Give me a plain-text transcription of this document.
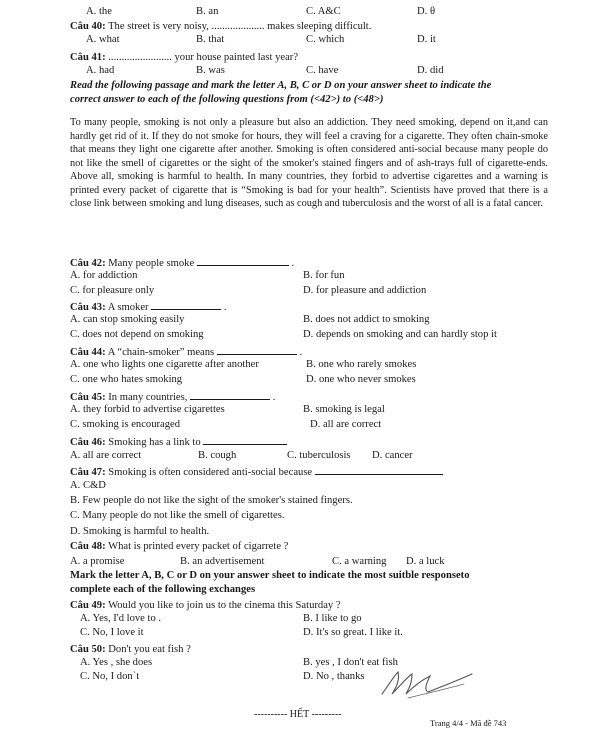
A. the	B. an	C. A&C	D. θ
Câu 40: The street is very noisy, .................... makes sleeping difficult.
A. what	B. that	C. which	D. it
Câu 41: ........................ your house painted last year?
A. had	B. was	C. have	D. did
Read the following passage and mark the letter A, B, C or D on your answer sheet to indicate the
correct answer to each of the following questions from (<42>) to (<48>)

To many people, smoking is not only a pleasure but also an addiction. They need smoking, depend on it,and can hardly get rid of it. If they do not smoke for hours, they will feel a craving for a cigarette. They often chain-smoke that means they light one cigarette after another. Smoking is often considered anti-social because many people do not like the smell of cigarettes or the sight of the smoker's stained fingers and of ash-trays full of cigarette-ends. Above all, smoking is harmful to health. In many countries, they forbid to advertise cigarettes and a warning is printed every packet of cigarette that is “Smoking is bad for your health”. Scientists have proved that there is a close link between smoking and lung diseases, such as cough and tuberculosis and the worst of all is a fatal cancer.

Câu 42: Many people smoke	.
A. for addiction	B. for fun
C. for pleasure only	D. for pleasure and addiction
Câu 43: A smoker	.
A. can stop smoking easily	B. does not addict to smoking
C. does not depend on smoking	D. depends on smoking and can hardly stop it
Câu 44: A “chain-smoker” means	.
A. one who lights one cigarette after another	B. one who rarely smokes
C. one who hates smoking	D. one who never smokes
Câu 45: In many countries,	.
A. they forbid to advertise cigarettes	B. smoking is legal
C. smoking is encouraged	D. all are correct
Câu 46: Smoking has a link to
A. all are correct	B. cough	C. tuberculosis D. cancer
Câu 47: Smoking is often considered anti-social because
A. C&D
B. Few people do not like the sight of the smoker's stained fingers.
C. Many people do not like the smell of cigarettes.
D. Smoking is harmful to health.
Câu 48: What is printed every packet of cigarrete ?
A. a promise	B. an advertisement	C. a warning D. a luck
Mark the letter A, B, C or D on your answer sheet to indicate the most suitble responseto
complete each of the following exchanges
Câu 49: Would you like to join us to the cinema this Saturday ?
A. Yes, I'd love to .	B. I like to go
C. No, I love it	D. It's so great. I like it.
Câu 50: Don't you eat fish ?
A. Yes , she does	B. yes , I don't eat fish
C. No, I don`t	D. No , thanks
---------- HẾT ---------
Trang 4/4 - Mã đề 743
